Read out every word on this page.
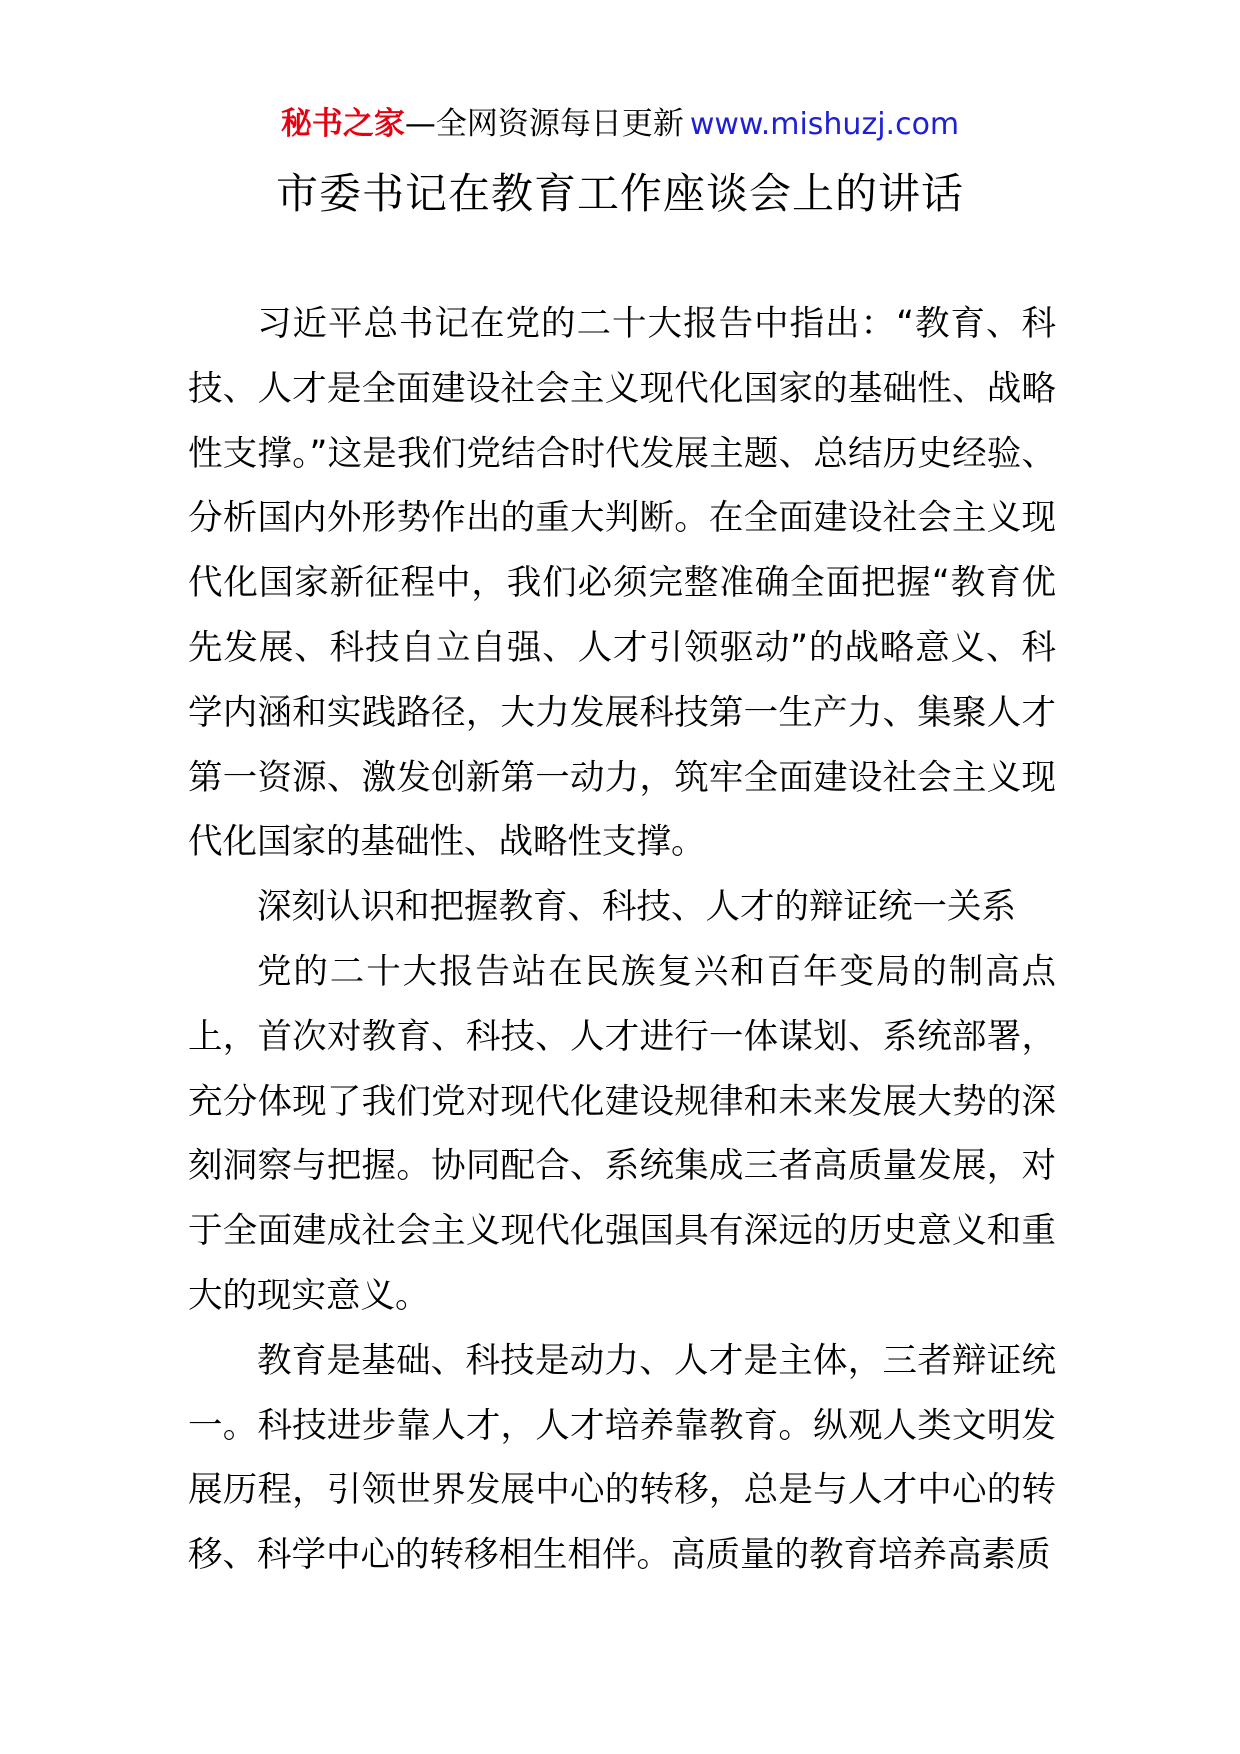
秘书之家—全网资源每日更新 www.mishuzj.com
市委书记在教育工作座谈会上的讲话

习近平总书记在党的二十大报告中指出：“教育、科技、人才是全面建设社会主义现代化国家的基础性、战略性支撑。”这是我们党结合时代发展主题、总结历史经验、分析国内外形势作出的重大判断。在全面建设社会主义现代化国家新征程中，我们必须完整准确全面把握“教育优先发展、科技自立自强、人才引领驱动”的战略意义、科学内涵和实践路径，大力发展科技第一生产力、集聚人才第一资源、激发创新第一动力，筑牢全面建设社会主义现代化国家的基础性、战略性支撑。

深刻认识和把握教育、科技、人才的辩证统一关系

党的二十大报告站在民族复兴和百年变局的制高点上，首次对教育、科技、人才进行一体谋划、系统部署，充分体现了我们党对现代化建设规律和未来发展大势的深刻洞察与把握。协同配合、系统集成三者高质量发展，对于全面建成社会主义现代化强国具有深远的历史意义和重大的现实意义。

教育是基础、科技是动力、人才是主体，三者辩证统一。科技进步靠人才，人才培养靠教育。纵观人类文明发展历程，引领世界发展中心的转移，总是与人才中心的转移、科学中心的转移相生相伴。高质量的教育培养高素质
